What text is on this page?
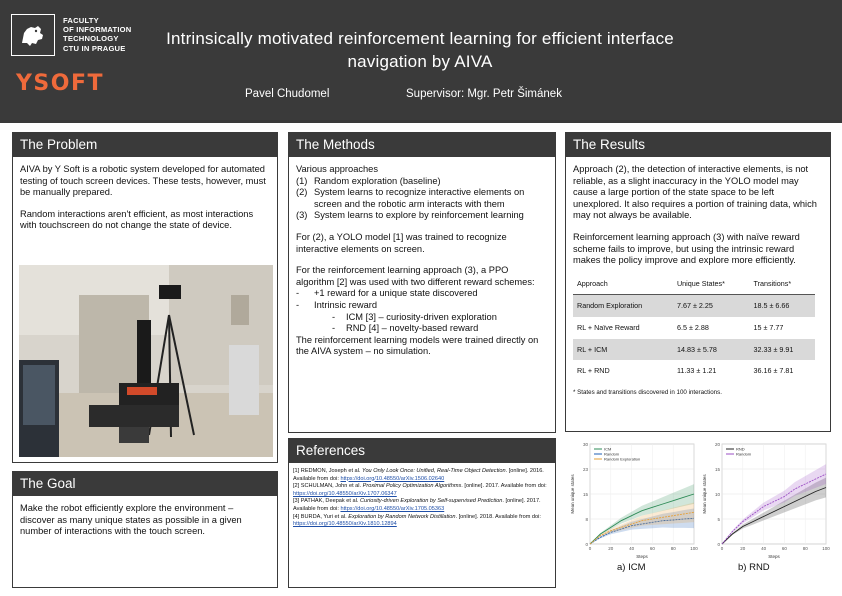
FACULTY
OF INFORMATION
TECHNOLOGY
CTU IN PRAGUE
YSOFT
Intrinsically motivated reinforcement learning for efficient interface navigation by AIVA
Pavel Chudomel	Supervisor: Mgr. Petr Šimánek
The Problem

AIVA by Y Soft is a robotic system developed for automated testing of touch screen devices. These tests, however, must be manually prepared.

Random interactions aren't efficient, as most interactions with touchscreen do not change the state of device.

The Goal

Make the robot efficiently explore the environment – discover as many unique states as possible in a given number of interactions with the touch screen.

The Methods
Various approaches
(1) Random exploration (baseline)
(2) System learns to recognize interactive elements on screen and the robotic arm interacts with them
(3) System learns to explore by reinforcement learning

For (2), a YOLO model [1] was trained to recognize interactive elements on screen.

For the reinforcement learning approach (3), a PPO algorithm [2] was used with two different reward schemes:
-	+1 reward for a unique state discovered
-	Intrinsic reward
-	ICM [3] – curiosity-driven exploration
-	RND [4] – novelty-based reward
The reinforcement learning models were trained directly on the AIVA system – no simulation.
References
[1] REDMON, Joseph et al. You Only Look Once: Unified, Real-Time Object Detection. [online]. 2016. Available from doi: https://doi.org/10.48550/arXiv.1506.02640
[2] SCHULMAN, John et al. Proximal Policy Optimization Algorithms. [online]. 2017. Available from doi: https://doi.org/10.48550/arXiv.1707.06347
[3] PATHAK, Deepak et al. Curiosity-driven Exploration by Self-supervised Prediction. [online]. 2017. Available from doi: https://doi.org/10.48550/arXiv.1705.05363
[4] BURDA, Yuri et al. Exploration by Random Network Distillation. [online]. 2018. Available from doi: https://doi.org/10.48550/arXiv.1810.12894
The Results

Approach (2), the detection of interactive elements, is not reliable, as a slight inaccuracy in the YOLO model may cause a large portion of the state space to be left unexplored. It also requires a portion of training data, which may not always be available.

Reinforcement learning approach (3) with naïve reward scheme fails to improve, but using the intrinsic reward makes the policy improve and explore more efficiently.

Approach	Unique States*	Transitions*
Random Exploration	7.67 ± 2.25	18.5 ± 6.66
RL + Naïve Reward	6.5 ± 2.88	15 ± 7.77
RL + ICM	14.83 ± 5.78	32.33 ± 9.91
RL + RND	11.33 ± 1.21	36.16 ± 7.81
* States and transitions discovered in 100 interactions.
0
8
15
23
30
0	20	40	60	80	100
ICM
Random
Random Exploration
Steps
Mean unique states
0
5
10
15
20
0	20	40	60	80	100
RND
Random
Steps
Mean unique states
a) ICM	b) RND
